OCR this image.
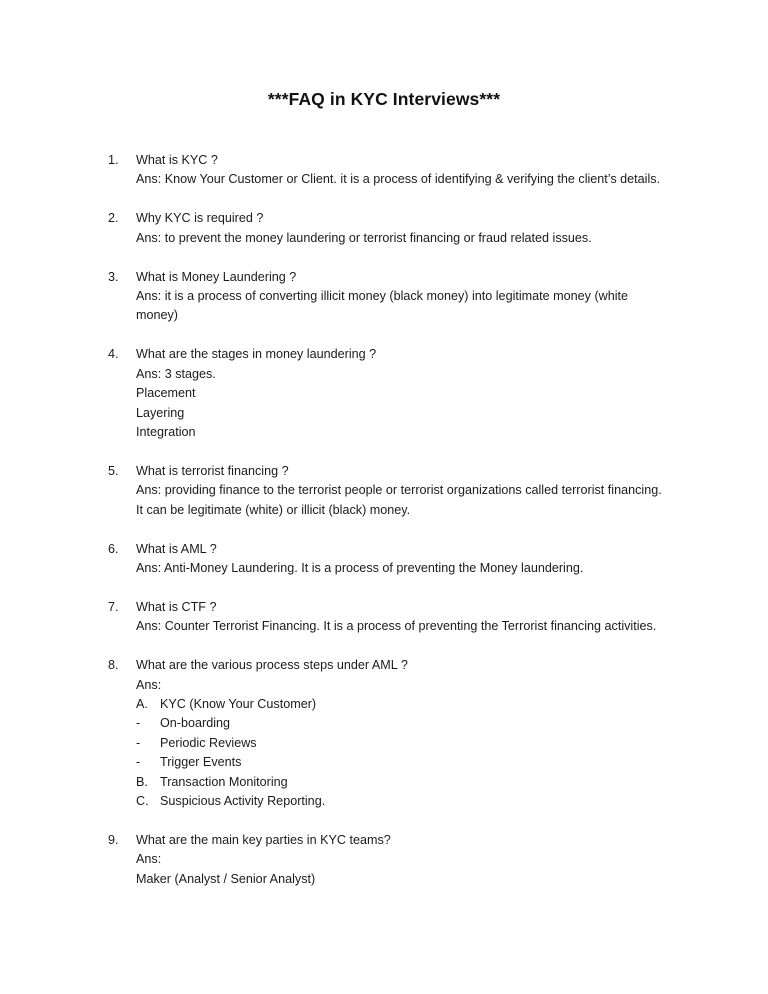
***FAQ in KYC Interviews***
1.	What is KYC ?
Ans: Know Your Customer or Client. it is a process of identifying & verifying the client’s details.
2.	Why KYC is required ?
Ans: to prevent the money laundering or terrorist financing or fraud related issues.
3.	What is Money Laundering ?
Ans: it is a process of converting illicit money (black money) into legitimate money (white
money)
4.	What are the stages in money laundering ?
Ans: 3 stages.
Placement
Layering
Integration
5.	What is terrorist financing ?
Ans: providing finance to the terrorist people or terrorist organizations called terrorist financing.
It can be legitimate (white) or illicit (black) money.
6.	What is AML ?
Ans: Anti-Money Laundering. It is a process of preventing the Money laundering.
7.	What is CTF ?
Ans: Counter Terrorist Financing. It is a process of preventing the Terrorist financing activities.
8.	What are the various process steps under AML ?
Ans:
A. KYC (Know Your Customer)
-	On-boarding
-	Periodic Reviews
-	Trigger Events
B. Transaction Monitoring
C. Suspicious Activity Reporting.
9.	What are the main key parties in KYC teams?
Ans:
Maker (Analyst / Senior Analyst)
